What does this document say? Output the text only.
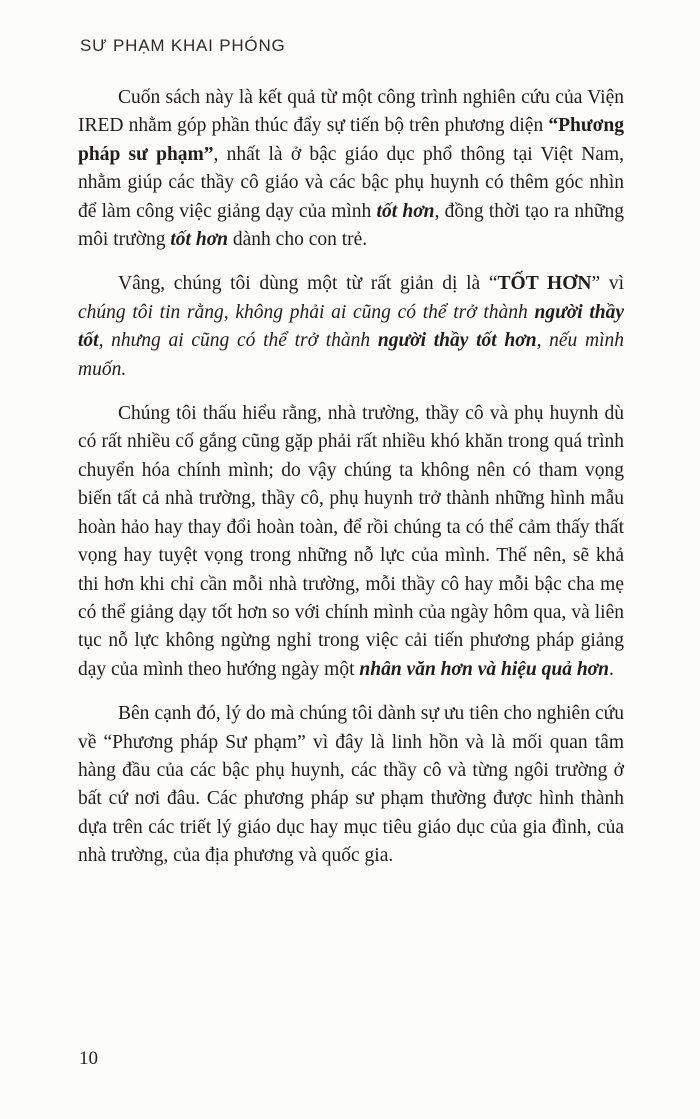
SƯ PHẠM KHAI PHÓNG

Cuốn sách này là kết quả từ một công trình nghiên cứu của Viện IRED nhằm góp phần thúc đẩy sự tiến bộ trên phương diện “Phương pháp sư phạm”, nhất là ở bậc giáo dục phổ thông tại Việt Nam, nhằm giúp các thầy cô giáo và các bậc phụ huynh có thêm góc nhìn để làm công việc giảng dạy của mình tốt hơn, đồng thời tạo ra những môi trường tốt hơn dành cho con trẻ.

Vâng, chúng tôi dùng một từ rất giản dị là “TỐT HƠN” vì chúng tôi tin rằng, không phải ai cũng có thể trở thành người thầy tốt, nhưng ai cũng có thể trở thành người thầy tốt hơn, nếu mình muốn.

Chúng tôi thấu hiểu rằng, nhà trường, thầy cô và phụ huynh dù có rất nhiều cố gắng cũng gặp phải rất nhiều khó khăn trong quá trình chuyển hóa chính mình; do vậy chúng ta không nên có tham vọng biến tất cả nhà trường, thầy cô, phụ huynh trở thành những hình mẫu hoàn hảo hay thay đổi hoàn toàn, để rồi chúng ta có thể cảm thấy thất vọng hay tuyệt vọng trong những nỗ lực của mình. Thế nên, sẽ khả thi hơn khi chỉ cần mỗi nhà trường, mỗi thầy cô hay mỗi bậc cha mẹ có thể giảng dạy tốt hơn so với chính mình của ngày hôm qua, và liên tục nỗ lực không ngừng nghỉ trong việc cải tiến phương pháp giảng dạy của mình theo hướng ngày một nhân văn hơn và hiệu quả hơn.

Bên cạnh đó, lý do mà chúng tôi dành sự ưu tiên cho nghiên cứu về “Phương pháp Sư phạm” vì đây là linh hồn và là mối quan tâm hàng đầu của các bậc phụ huynh, các thầy cô và từng ngôi trường ở bất cứ nơi đâu. Các phương pháp sư phạm thường được hình thành dựa trên các triết lý giáo dục hay mục tiêu giáo dục của gia đình, của nhà trường, của địa phương và quốc gia.

10
